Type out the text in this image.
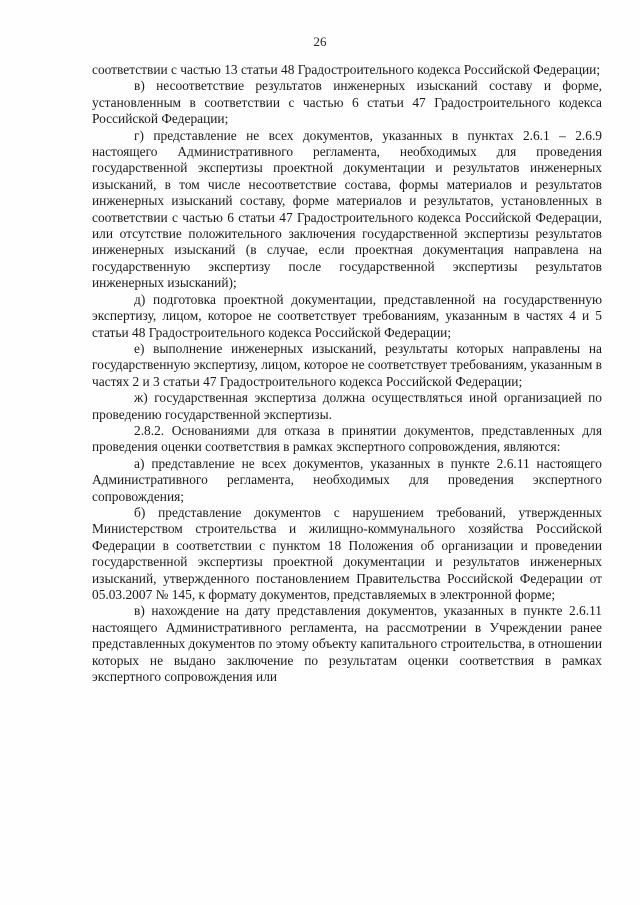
26

соответствии с частью 13 статьи 48 Градостроительного кодекса Российской Федерации;

в) несоответствие результатов инженерных изысканий составу и форме, установленным в соответствии с частью 6 статьи 47 Градостроительного кодекса Российской Федерации;

г) представление не всех документов, указанных в пунктах 2.6.1 – 2.6.9 настоящего Административного регламента, необходимых для проведения государственной экспертизы проектной документации и результатов инженерных изысканий, в том числе несоответствие состава, формы материалов и результатов инженерных изысканий составу, форме материалов и результатов, установленных в соответствии с частью 6 статьи 47 Градостроительного кодекса Российской Федерации, или отсутствие положительного заключения государственной экспертизы результатов инженерных изысканий (в случае, если проектная документация направлена на государственную экспертизу после государственной экспертизы результатов инженерных изысканий);

д) подготовка проектной документации, представленной на государственную экспертизу, лицом, которое не соответствует требованиям, указанным в частях 4 и 5 статьи 48 Градостроительного кодекса Российской Федерации;

е) выполнение инженерных изысканий, результаты которых направлены на государственную экспертизу, лицом, которое не соответствует требованиям, указанным в частях 2 и 3 статьи 47 Градостроительного кодекса Российской Федерации;

ж) государственная экспертиза должна осуществляться иной организацией по проведению государственной экспертизы.

2.8.2. Основаниями для отказа в принятии документов, представленных для проведения оценки соответствия в рамках экспертного сопровождения, являются:

а) представление не всех документов, указанных в пункте 2.6.11 настоящего Административного регламента, необходимых для проведения экспертного сопровождения;

б) представление документов с нарушением требований, утвержденных Министерством строительства и жилищно-коммунального хозяйства Российской Федерации в соответствии с пунктом 18 Положения об организации и проведении государственной экспертизы проектной документации и результатов инженерных изысканий, утвержденного постановлением Правительства Российской Федерации от 05.03.2007 № 145, к формату документов, представляемых в электронной форме;

в) нахождение на дату представления документов, указанных в пункте 2.6.11 настоящего Административного регламента, на рассмотрении в Учреждении ранее представленных документов по этому объекту капитального строительства, в отношении которых не выдано заключение по результатам оценки соответствия в рамках экспертного сопровождения или
